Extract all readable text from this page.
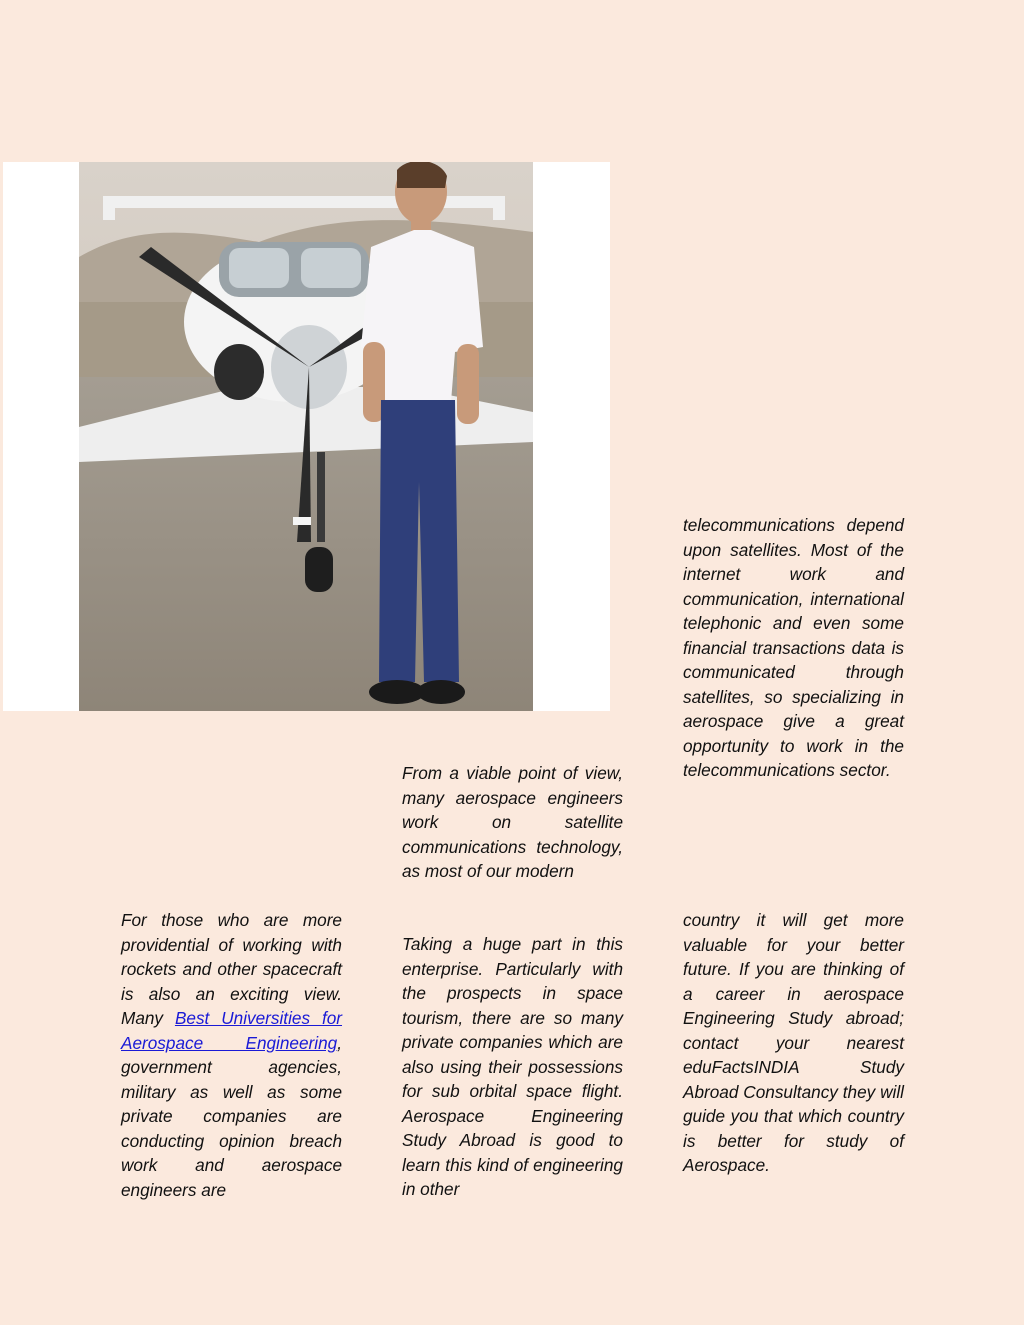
telecommunications depend upon satellites. Most of the internet work and communication, international telephonic and even some financial transactions data is communicated through satellites, so specializing in aerospace give a great opportunity to work in the telecommunications sector.

From a viable point of view, many aerospace engineers work on satellite communications technology, as most of our modern

For those who are more providential of working with rockets and other spacecraft is also an exciting view. Many Best Universities for Aerospace Engineering, government agencies, military as well as some private companies are conducting opinion breach work and aerospace engineers are

Taking a huge part in this enterprise. Particularly with the prospects in space tourism, there are so many private companies which are also using their possessions for sub orbital space flight. Aerospace Engineering Study Abroad is good to learn this kind of engineering in other

country it will get more valuable for your better future. If you are thinking of a career in aerospace Engineering Study abroad; contact your nearest eduFactsINDIA Study Abroad Consultancy they will guide you that which country is better for study of Aerospace.
